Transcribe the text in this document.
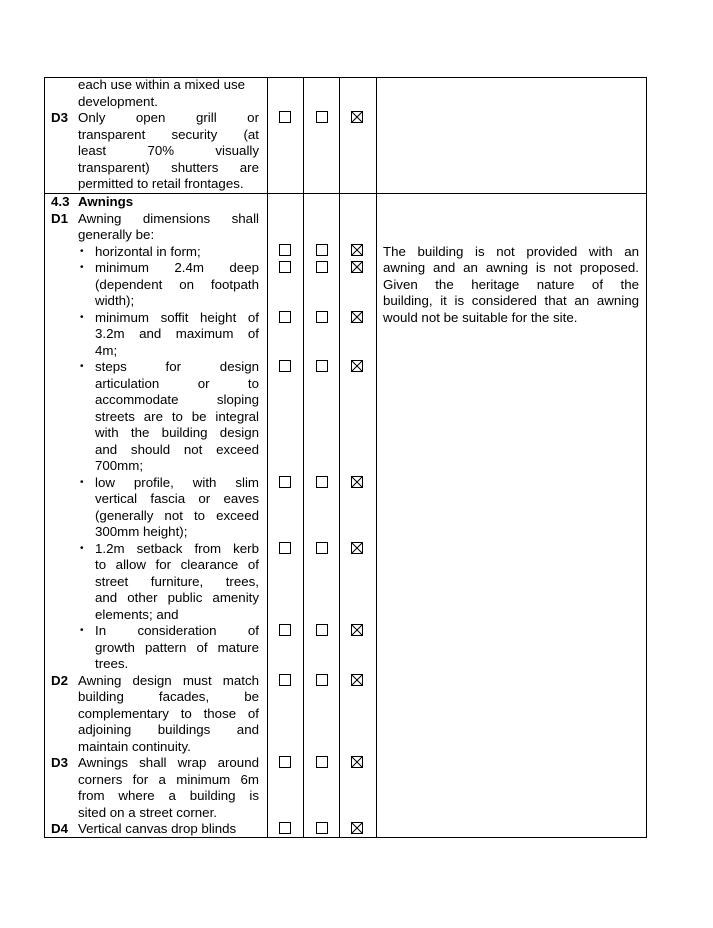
each use within a mixed use
development.
D3 Only open grill or
transparent security (at
least 70% visually
transparent) shutters are
permitted to retail frontages.
4.3 Awnings
D1 Awning dimensions shall
generally be:
• horizontal in form;
• minimum 2.4m deep
(dependent on footpath
width);
• minimum soffit height of
3.2m and maximum of
4m;
• steps for design
articulation or to
accommodate sloping
streets are to be integral
with the building design
and should not exceed
700mm;
• low profile, with slim
vertical fascia or eaves
(generally not to exceed
300mm height);
• 1.2m setback from kerb
to allow for clearance of
street furniture, trees,
and other public amenity
elements; and
• In consideration of
growth pattern of mature
trees.
D2 Awning design must match
building facades, be
complementary to those of
adjoining buildings and
maintain continuity.
D3 Awnings shall wrap around
corners for a minimum 6m
from where a building is
sited on a street corner.
D4 Vertical canvas drop blinds
The building is not provided with an
awning and an awning is not proposed.
Given the heritage nature of the
building, it is considered that an awning
would not be suitable for the site.
